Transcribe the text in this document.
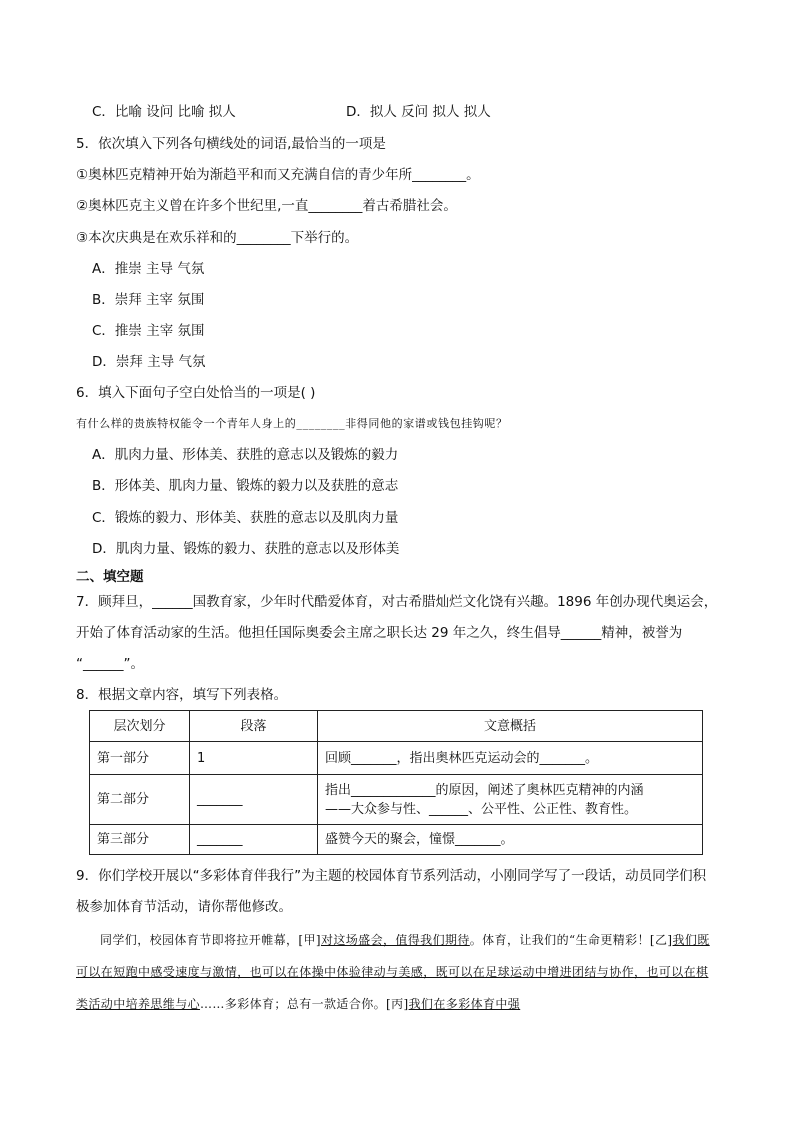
C．比喻 设问 比喻 拟人	D．拟人 反问 拟人 拟人
5．依次填入下列各句横线处的词语,最恰当的一项是
①奥林匹克精神开始为渐趋平和而又充满自信的青少年所________。
②奥林匹克主义曾在许多个世纪里,一直________着古希腊社会。
③本次庆典是在欢乐祥和的________下举行的。
A．推崇 主导 气氛
B．崇拜 主宰 氛围
C．推崇 主宰 氛围
D．崇拜 主导 气氛
6．填入下面句子空白处恰当的一项是( )
有什么样的贵族特权能令一个青年人身上的________非得同他的家谱或钱包挂钩呢？
A．肌肉力量、形体美、获胜的意志以及锻炼的毅力
B．形体美、肌肉力量、锻炼的毅力以及获胜的意志
C．锻炼的毅力、形体美、获胜的意志以及肌肉力量
D．肌肉力量、锻炼的毅力、获胜的意志以及形体美
二、填空题
7．顾拜旦，______国教育家，少年时代酷爱体育，对古希腊灿烂文化饶有兴趣。1896 年创办现代奥运会，
开始了体育活动家的生活。他担任国际奥委会主席之职长达 29 年之久，终生倡导______精神，被誉为
“______”。
8．根据文章内容，填写下列表格。
层次划分	段落	文意概括
第一部分	1	回顾_______，指出奥林匹克运动会的_______。
第二部分	_______	指出_____________的原因，阐述了奥林匹克精神的内涵
——大众参与性、______、公平性、公正性、教育性。

第三部分	_______	盛赞今天的聚会，憧憬_______。
9．你们学校开展以“多彩体育伴我行”为主题的校园体育节系列活动，小刚同学写了一段话，动员同学们积
极参加体育节活动，请你帮他修改。
同学们，校园体育节即将拉开帷幕，[甲]对这场盛会，值得我们期待。体育，让我们的“生命更精彩！[乙]我们既可以在短跑中感受速度与激情，也可以在体操中体验律动与美感，既可以在足球运动中增进团结与协作，也可以在棋类活动中培养思维与心……多彩体育；总有一款适合你。[丙]我们在多彩体育中强
